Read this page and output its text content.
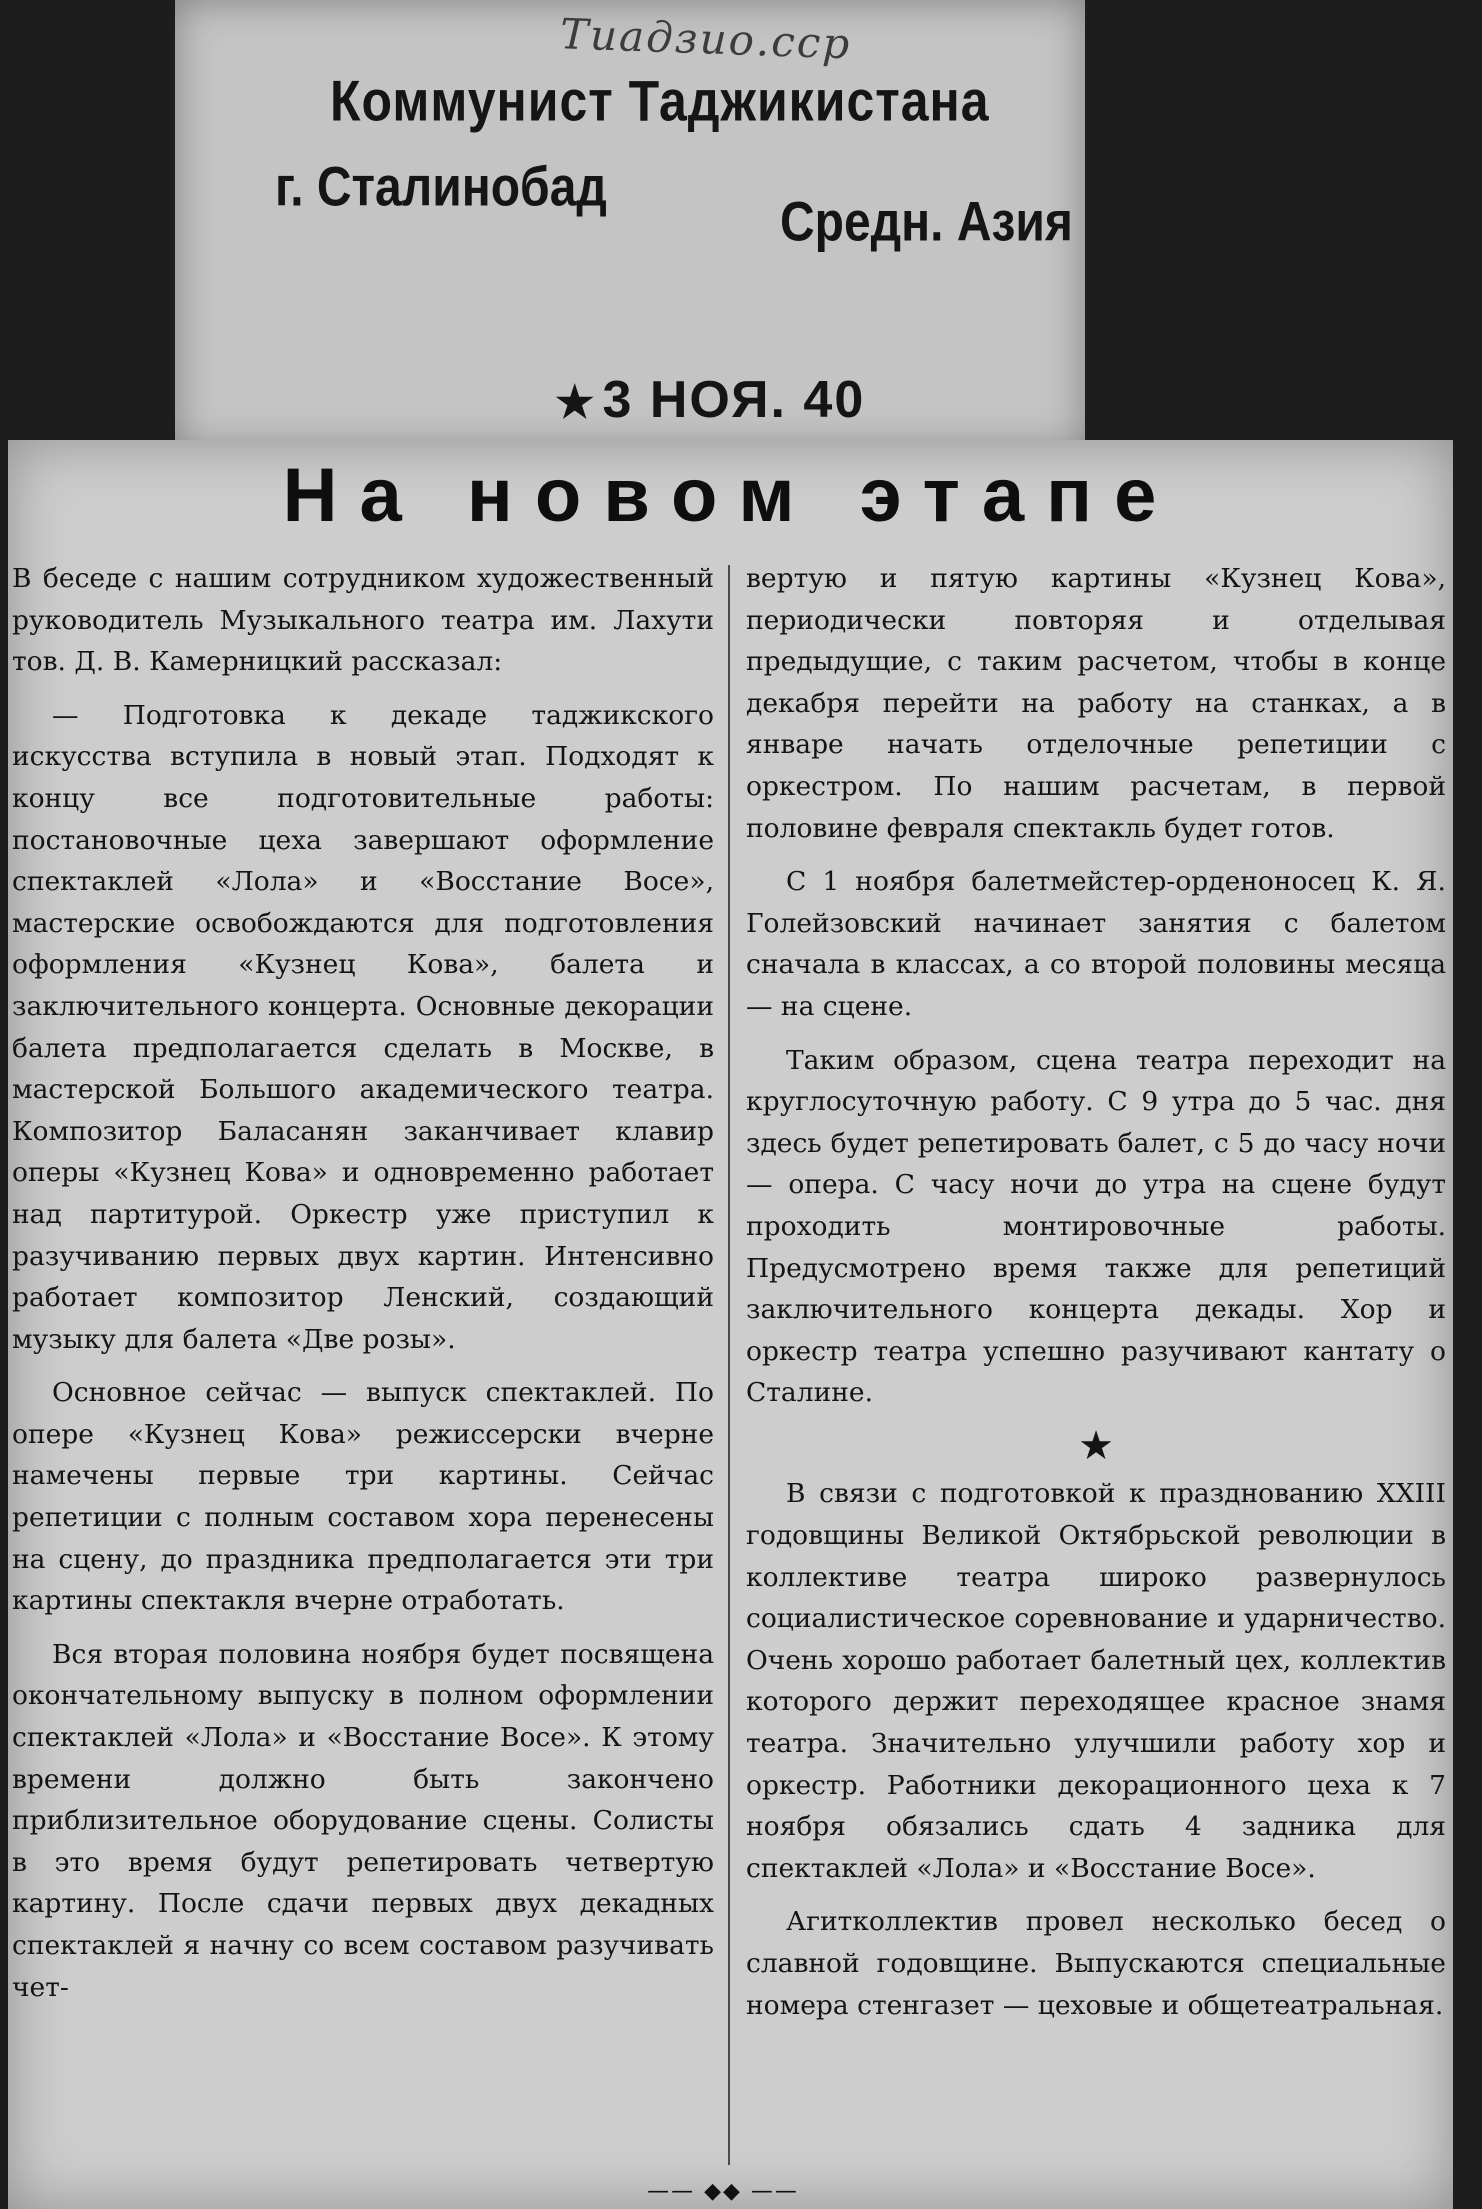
Тиадзио.сср
Коммунист Таджикистана
г. Сталинобад
Средн. Азия
★ 3 НОЯ. 40
На новом этапе

В беседе с нашим сотрудником художественный руководитель Музыкального театра им. Лахути тов. Д. В. Камерницкий рассказал:

— Подготовка к декаде таджикского искусства вступила в новый этап. Подходят к концу все подготовительные работы: постановочные цеха завершают оформление спектаклей «Лола» и «Восстание Восе», мастерские освобождаются для подготовления оформления «Кузнец Кова», балета и заключительного концерта. Основные декорации балета предполагается сделать в Москве, в мастерской Большого академического театра. Композитор Баласанян заканчивает клавир оперы «Кузнец Кова» и одновременно работает над партитурой. Оркестр уже приступил к разучиванию первых двух картин. Интенсивно работает композитор Ленский, создающий музыку для балета «Две розы».

Основное сейчас — выпуск спектаклей. По опере «Кузнец Кова» режиссерски вчерне намечены первые три картины. Сейчас репетиции с полным составом хора перенесены на сцену, до праздника предполагается эти три картины спектакля вчерне отработать.

Вся вторая половина ноября будет посвящена окончательному выпуску в полном оформлении спектаклей «Лола» и «Восстание Восе». К этому времени должно быть закончено приблизительное оборудование сцены. Солисты в это время будут репетировать четвертую картину. После сдачи первых двух декадных спектаклей я начну со всем составом разучивать чет-

вертую и пятую картины «Кузнец Кова», периодически повторяя и отделывая предыдущие, с таким расчетом, чтобы в конце декабря перейти на работу на станках, а в январе начать отделочные репетиции с оркестром. По нашим расчетам, в первой половине февраля спектакль будет готов.

С 1 ноября балетмейстер-орденоносец К. Я. Голейзовский начинает занятия с балетом сначала в классах, а со второй половины месяца — на сцене.

Таким образом, сцена театра переходит на круглосуточную работу. С 9 утра до 5 час. дня здесь будет репетировать балет, с 5 до часу ночи — опера. С часу ночи до утра на сцене будут проходить монтировочные работы. Предусмотрено время также для репетиций заключительного концерта декады. Хор и оркестр театра успешно разучивают кантату о Сталине.

★

В связи с подготовкой к празднованию XXIII годовщины Великой Октябрьской революции в коллективе театра широко развернулось социалистическое соревнование и ударничество. Очень хорошо работает балетный цех, коллектив которого держит переходящее красное знамя театра. Значительно улучшили работу хор и оркестр. Работники декорационного цеха к 7 ноября обязались сдать 4 задника для спектаклей «Лола» и «Восстание Восе».

Агитколлектив провел несколько бесед о славной годовщине. Выпускаются специальные номера стенгазет — цеховые и общетеатральная.

—— ◆◆ ——
